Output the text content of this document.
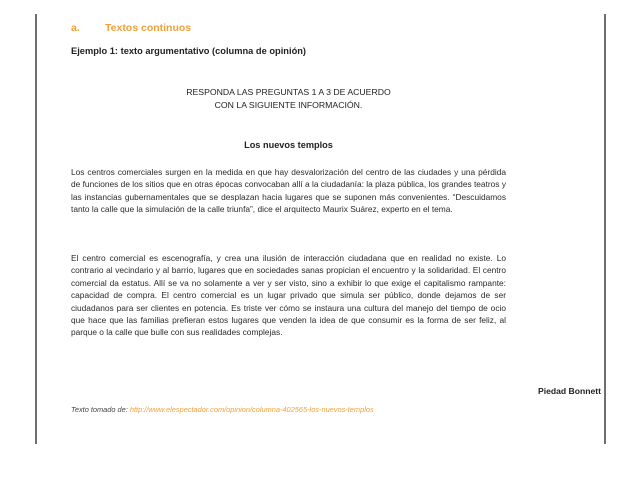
a. Textos continuos
Ejemplo 1: texto argumentativo (columna de opinión)
RESPONDA LAS PREGUNTAS 1 A 3 DE ACUERDO
CON LA SIGUIENTE INFORMACIÓN.
Los nuevos templos
Los centros comerciales surgen en la medida en que hay desvalorización del centro de las ciudades y una pérdida de funciones de los sitios que en otras épocas convocaban allí a la ciudadanía: la plaza pública, los grandes teatros y las instancias gubernamentales que se desplazan hacia lugares que se suponen más convenientes. “Descuidamos tanto la calle que la simulación de la calle triunfa”, dice el arquitecto Maurix Suárez, experto en el tema.
El centro comercial es escenografía, y crea una ilusión de interacción ciudadana que en realidad no existe. Lo contrario al vecindario y al barrio, lugares que en sociedades sanas propician el encuentro y la solidaridad. El centro comercial da estatus. Allí se va no solamente a ver y ser visto, sino a exhibir lo que exige el capitalismo rampante: capacidad de compra. El centro comercial es un lugar privado que simula ser público, donde dejamos de ser ciudadanos para ser clientes en potencia. Es triste ver cómo se instaura una cultura del manejo del tiempo de ocio que hace que las familias prefieran estos lugares que venden la idea de que consumir es la forma de ser feliz, al parque o la calle que bulle con sus realidades complejas.
Piedad Bonnett
Texto tomado de: http://www.elespectador.com/opinion/columna-402565-los-nuevos-templos
